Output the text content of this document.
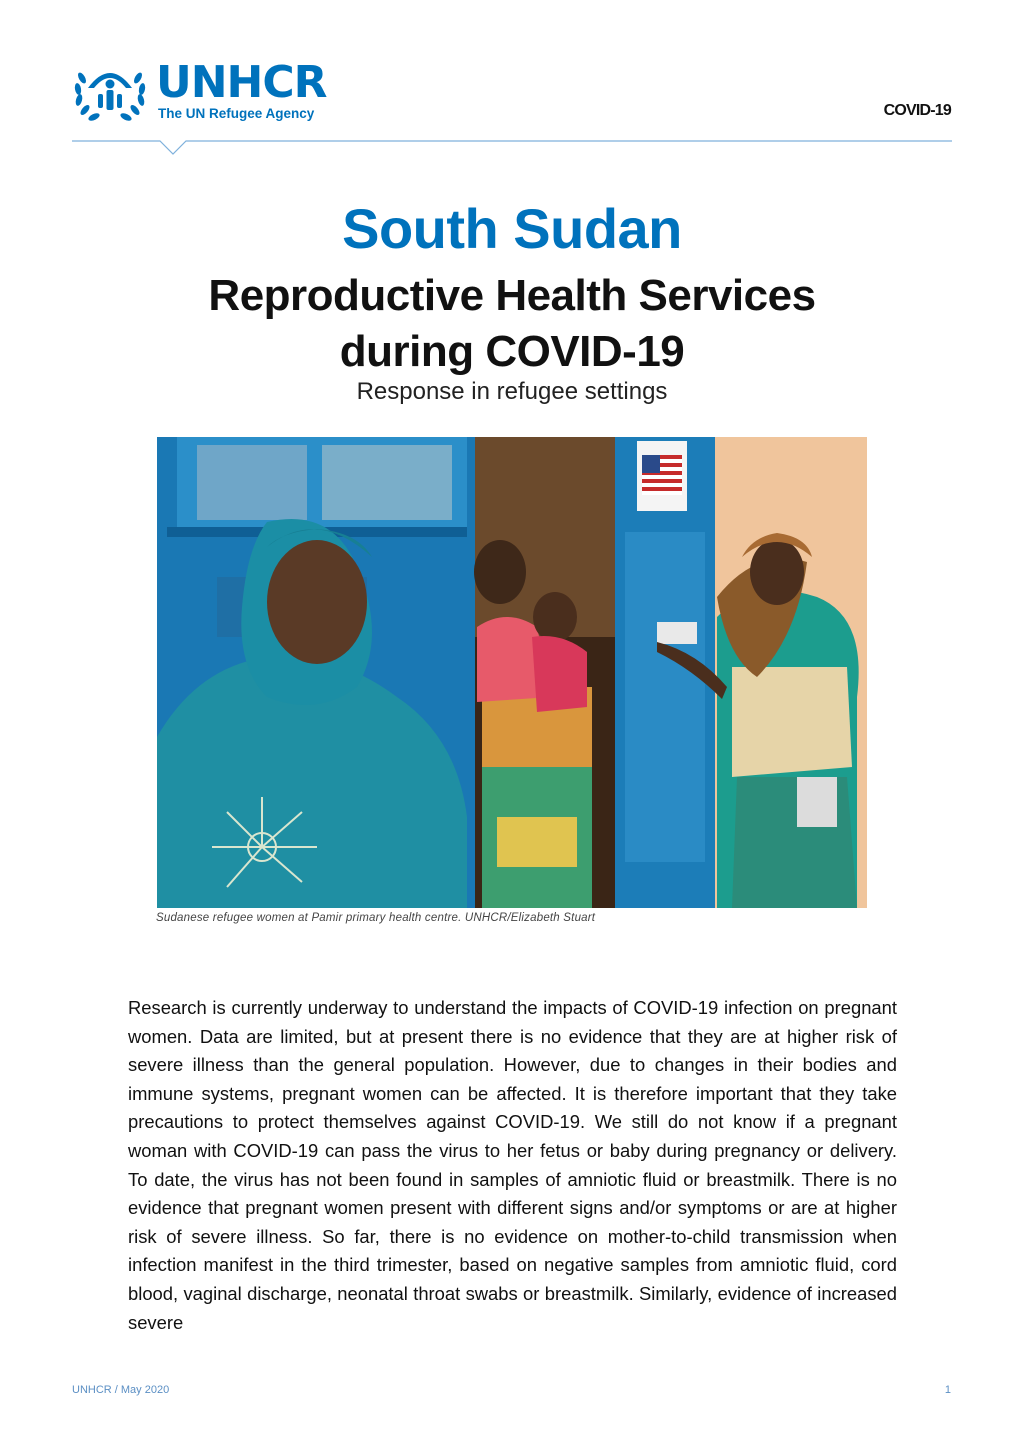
UNHCR
The UN Refugee Agency	COVID-19
South Sudan
Reproductive Health Services
during COVID-19
Response in refugee settings
Sudanese refugee women at Pamir primary health centre. UNHCR/Elizabeth Stuart

Research is currently underway to understand the impacts of COVID-19 infection on pregnant women. Data are limited, but at present there is no evidence that they are at higher risk of severe illness than the general population. However, due to changes in their bodies and immune systems, pregnant women can be affected. It is therefore important that they take precautions to protect themselves against COVID-19. We still do not know if a pregnant woman with COVID-19 can pass the virus to her fetus or baby during pregnancy or delivery. To date, the virus has not been found in samples of amniotic fluid or breastmilk. There is no evidence that pregnant women present with different signs and/or symptoms or are at higher risk of severe illness. So far, there is no evidence on mother-to-child transmission when infection manifest in the third trimester, based on negative samples from amniotic fluid, cord blood, vaginal discharge, neonatal throat swabs or breastmilk. Similarly, evidence of increased severe

UNHCR / May 2020	1
